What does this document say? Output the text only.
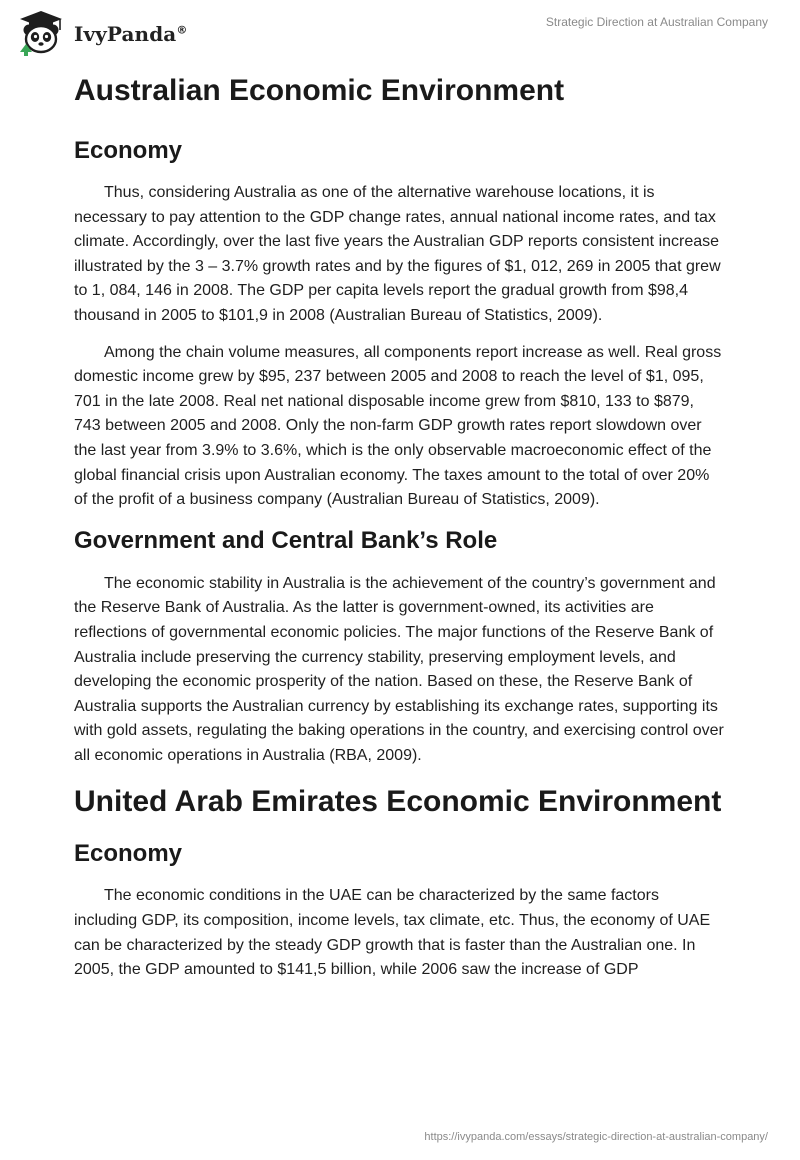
IvyPanda®
Strategic Direction at Australian Company
Australian Economic Environment
Economy

Thus, considering Australia as one of the alternative warehouse locations, it is necessary to pay attention to the GDP change rates, annual national income rates, and tax climate. Accordingly, over the last five years the Australian GDP reports consistent increase illustrated by the 3 – 3.7% growth rates and by the figures of $1, 012, 269 in 2005 that grew to 1, 084, 146 in 2008. The GDP per capita levels report the gradual growth from $98,4 thousand in 2005 to $101,9 in 2008 (Australian Bureau of Statistics, 2009).

Among the chain volume measures, all components report increase as well. Real gross domestic income grew by $95, 237 between 2005 and 2008 to reach the level of $1, 095, 701 in the late 2008. Real net national disposable income grew from $810, 133 to $879, 743 between 2005 and 2008. Only the non-farm GDP growth rates report slowdown over the last year from 3.9% to 3.6%, which is the only observable macroeconomic effect of the global financial crisis upon Australian economy. The taxes amount to the total of over 20% of the profit of a business company (Australian Bureau of Statistics, 2009).

Government and Central Bank’s Role

The economic stability in Australia is the achievement of the country’s government and the Reserve Bank of Australia. As the latter is government-owned, its activities are reflections of governmental economic policies. The major functions of the Reserve Bank of Australia include preserving the currency stability, preserving employment levels, and developing the economic prosperity of the nation. Based on these, the Reserve Bank of Australia supports the Australian currency by establishing its exchange rates, supporting its with gold assets, regulating the baking operations in the country, and exercising control over all economic operations in Australia (RBA, 2009).

United Arab Emirates Economic Environment
Economy

The economic conditions in the UAE can be characterized by the same factors including GDP, its composition, income levels, tax climate, etc. Thus, the economy of UAE can be characterized by the steady GDP growth that is faster than the Australian one. In 2005, the GDP amounted to $141,5 billion, while 2006 saw the increase of GDP

https://ivypanda.com/essays/strategic-direction-at-australian-company/
